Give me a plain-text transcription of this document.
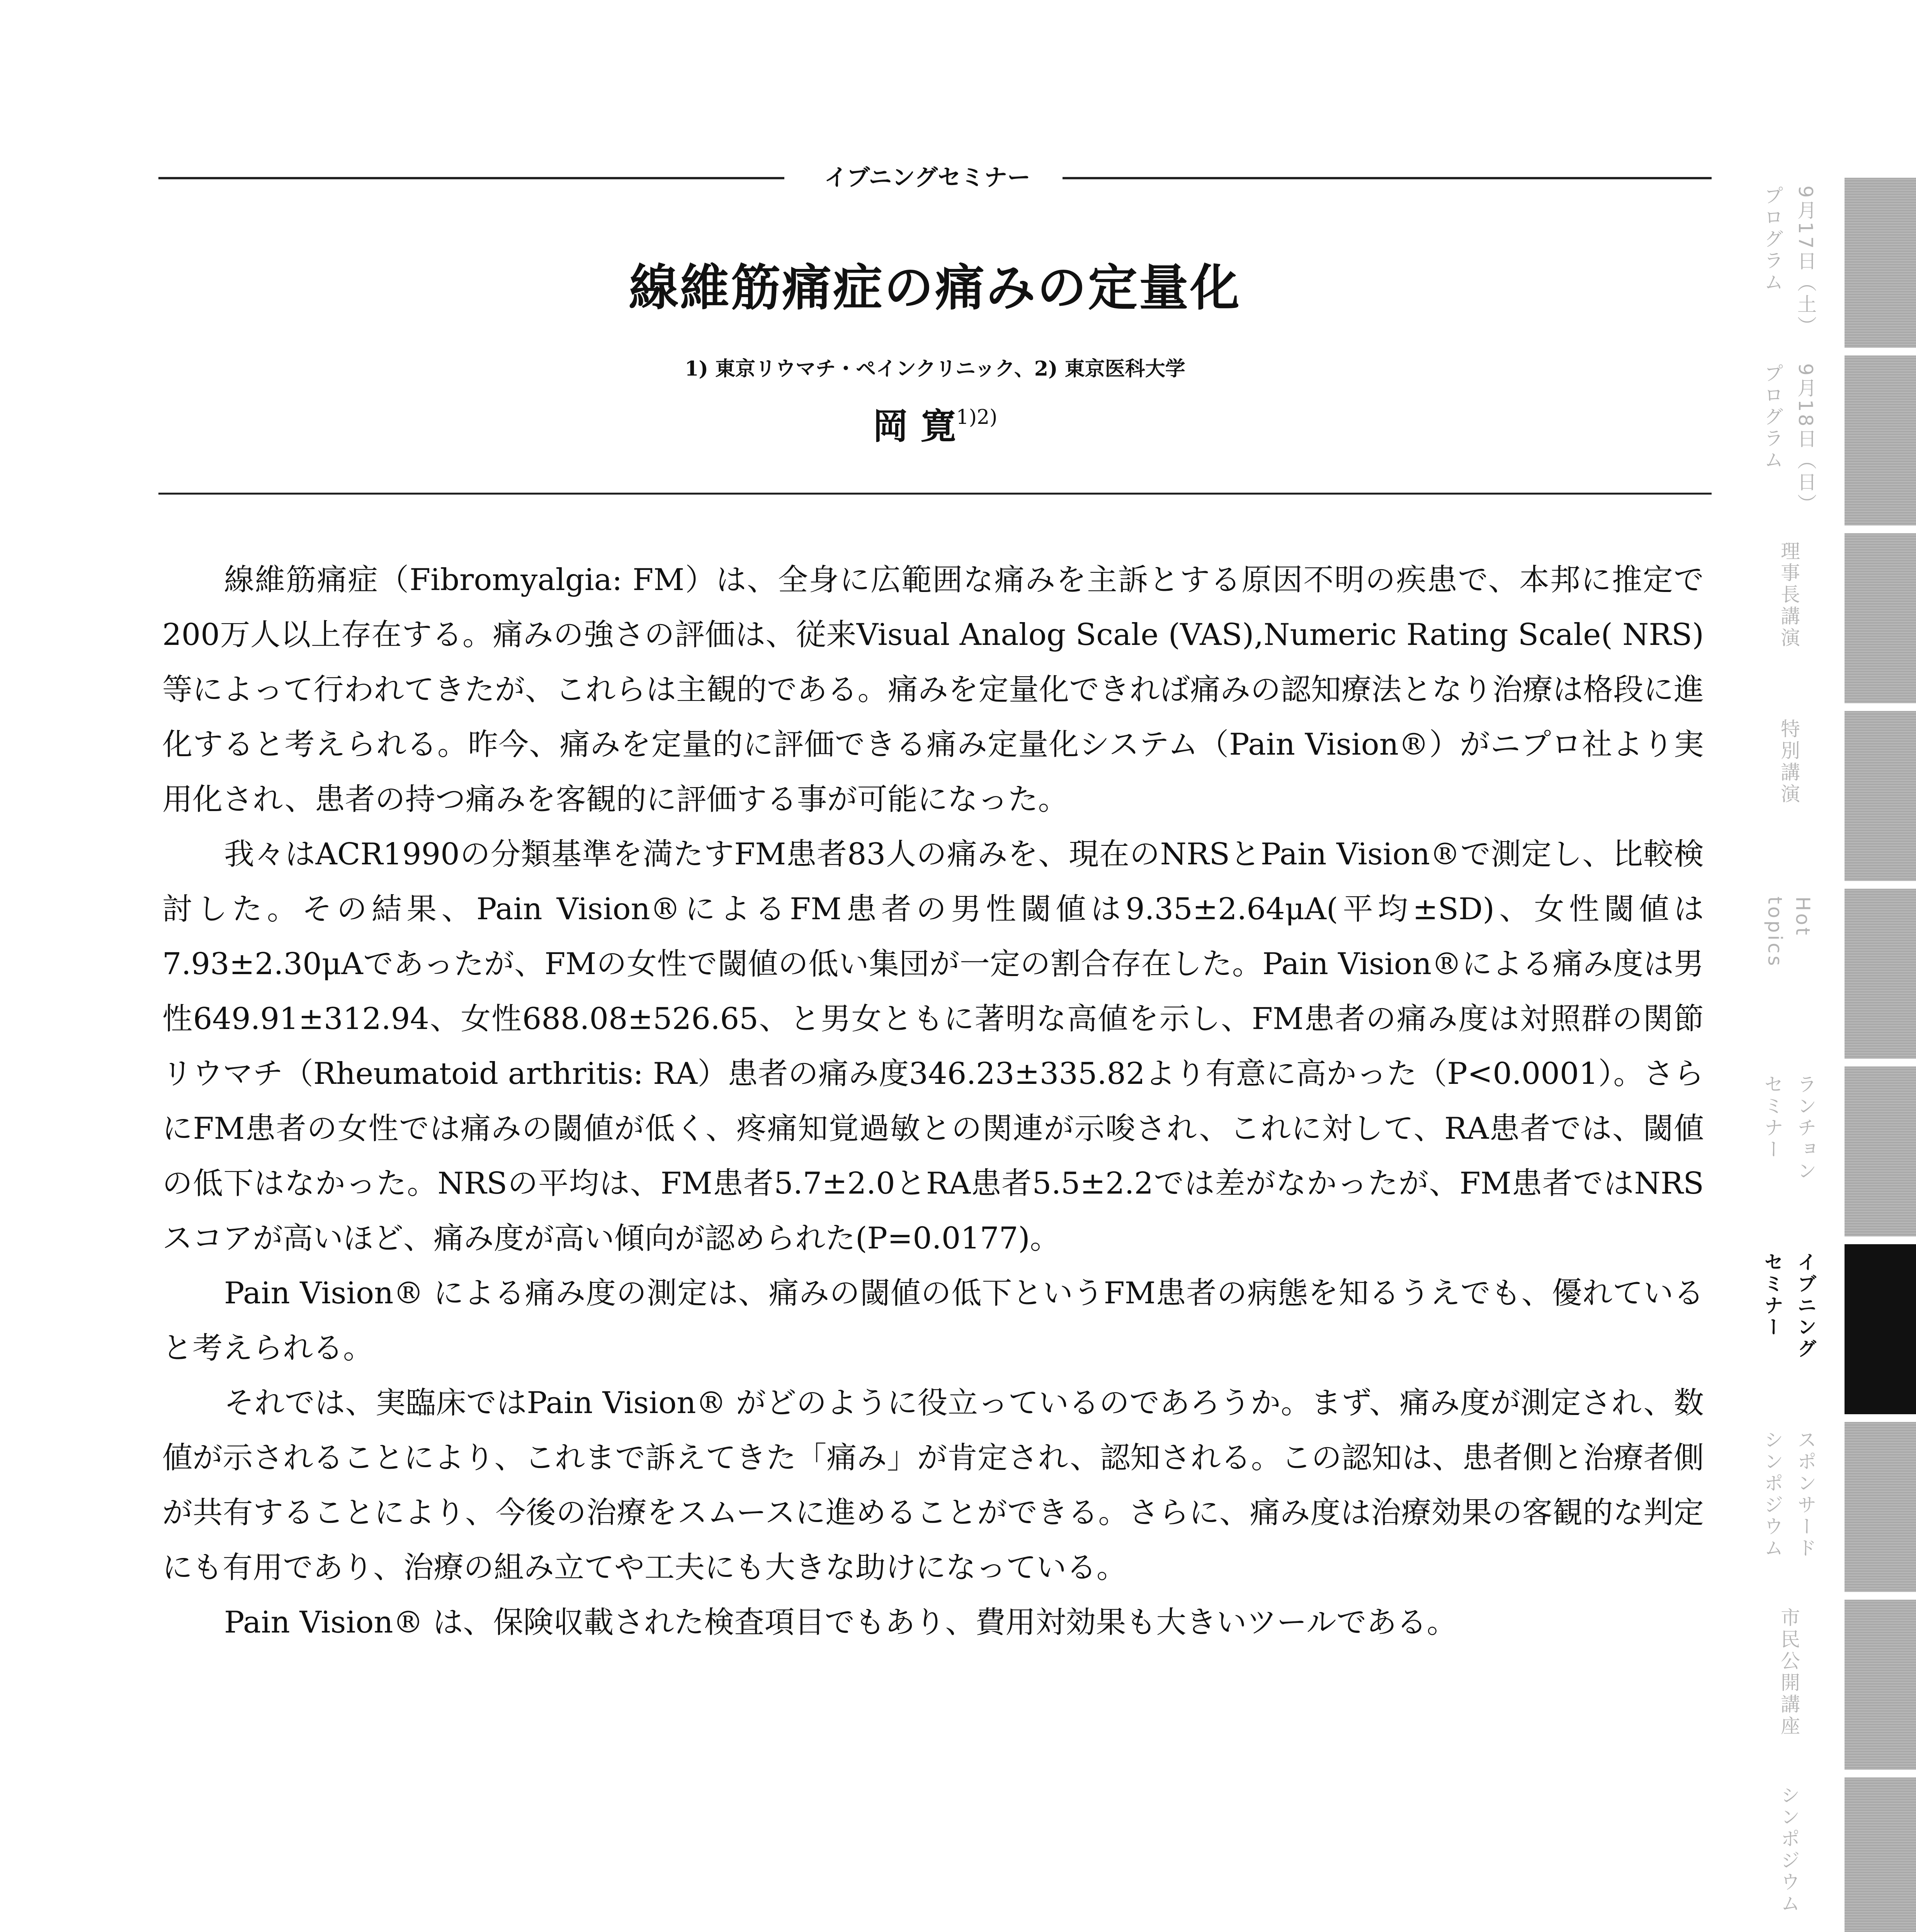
イブニングセミナー
線維筋痛症の痛みの定量化
1) 東京リウマチ・ペインクリニック、2) 東京医科大学
岡 寛$^{1)2)}$

線維筋痛症（Fibromyalgia: FM）は、全身に広範囲な痛みを主訴とする原因不明の疾患で、本邦に推定で200万人以上存在する。痛みの強さの評価は、従来Visual Analog Scale (VAS),Numeric Rating Scale( NRS)等によって行われてきたが、これらは主観的である。痛みを定量化できれば痛みの認知療法となり治療は格段に進化すると考えられる。昨今、痛みを定量的に評価できる痛み定量化システム（Pain Vision®）がニプロ社より実用化され、患者の持つ痛みを客観的に評価する事が可能になった。

我々はACR1990の分類基準を満たすFM患者83人の痛みを、現在のNRSとPain Vision®で測定し、比較検討した。その結果、Pain Vision®によるFM患者の男性閾値は9.35±2.64μA(平均±SD)、女性閾値は7.93±2.30μAであったが、FMの女性で閾値の低い集団が一定の割合存在した。Pain Vision®による痛み度は男性649.91±312.94、女性688.08±526.65、と男女ともに著明な高値を示し、FM患者の痛み度は対照群の関節リウマチ（Rheumatoid arthritis: RA）患者の痛み度346.23±335.82より有意に高かった（P<0.0001）。さらにFM患者の女性では痛みの閾値が低く、疼痛知覚過敏との関連が示唆され、これに対して、RA患者では、閾値の低下はなかった。NRSの平均は、FM患者5.7±2.0とRA患者5.5±2.2では差がなかったが、FM患者ではNRSスコアが高いほど、痛み度が高い傾向が認められた(P=0.0177)。

Pain Vision® による痛み度の測定は、痛みの閾値の低下というFM患者の病態を知るうえでも、優れていると考えられる。

それでは、実臨床ではPain Vision® がどのように役立っているのであろうか。まず、痛み度が測定され、数値が示されることにより、これまで訴えてきた「痛み」が肯定され、認知される。この認知は、患者側と治療者側が共有することにより、今後の治療をスムースに進めることができる。さらに、痛み度は治療効果の客観的な判定にも有用であり、治療の組み立てや工夫にも大きな助けになっている。

Pain Vision® は、保険収載された検査項目でもあり、費用対効果も大きいツールである。

9月17日（土）
プログラム
9月18日（日）
プログラム
理事長講演
特別講演
Hot
topics
ランチョン
セミナー
イブニング
セミナー
スポンサード
シンポジウム
市民公開講座
シンポジウム
